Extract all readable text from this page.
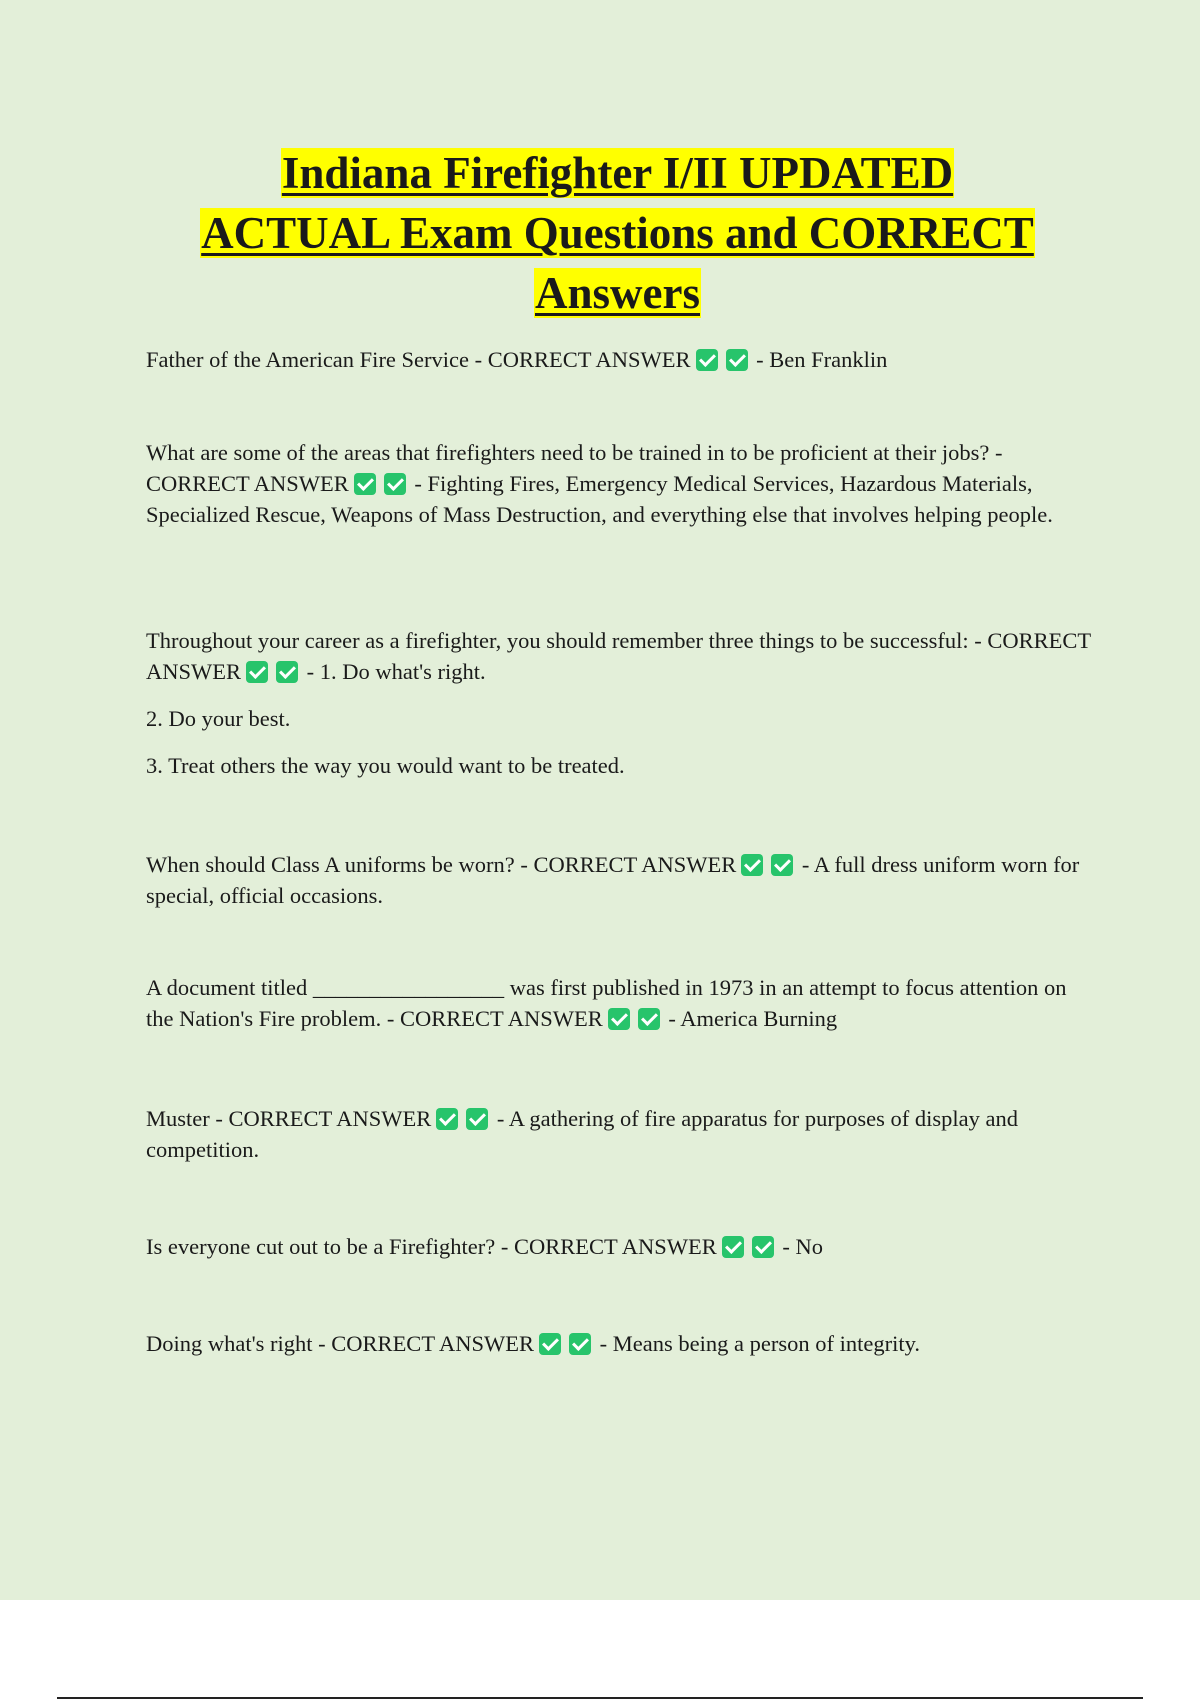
Indiana Firefighter I/II UPDATED
ACTUAL Exam Questions and CORRECT
Answers

Father of the American Fire Service - CORRECT ANSWER	- Ben Franklin

What are some of the areas that firefighters need to be trained in to be proficient at their jobs? - CORRECT ANSWER	- Fighting Fires, Emergency Medical Services, Hazardous Materials, Specialized Rescue, Weapons of Mass Destruction, and everything else that involves helping people.

Throughout your career as a firefighter, you should remember three things to be successful: - CORRECT ANSWER	- 1. Do what's right.

2. Do your best.

3. Treat others the way you would want to be treated.

When should Class A uniforms be worn? - CORRECT ANSWER	- A full dress uniform worn for special, official occasions.

A document titled _________________ was first published in 1973 in an attempt to focus attention on the Nation's Fire problem. - CORRECT ANSWER	- America Burning

Muster - CORRECT ANSWER	- A gathering of fire apparatus for purposes of display and competition.

Is everyone cut out to be a Firefighter? - CORRECT ANSWER	- No

Doing what's right - CORRECT ANSWER	- Means being a person of integrity.
